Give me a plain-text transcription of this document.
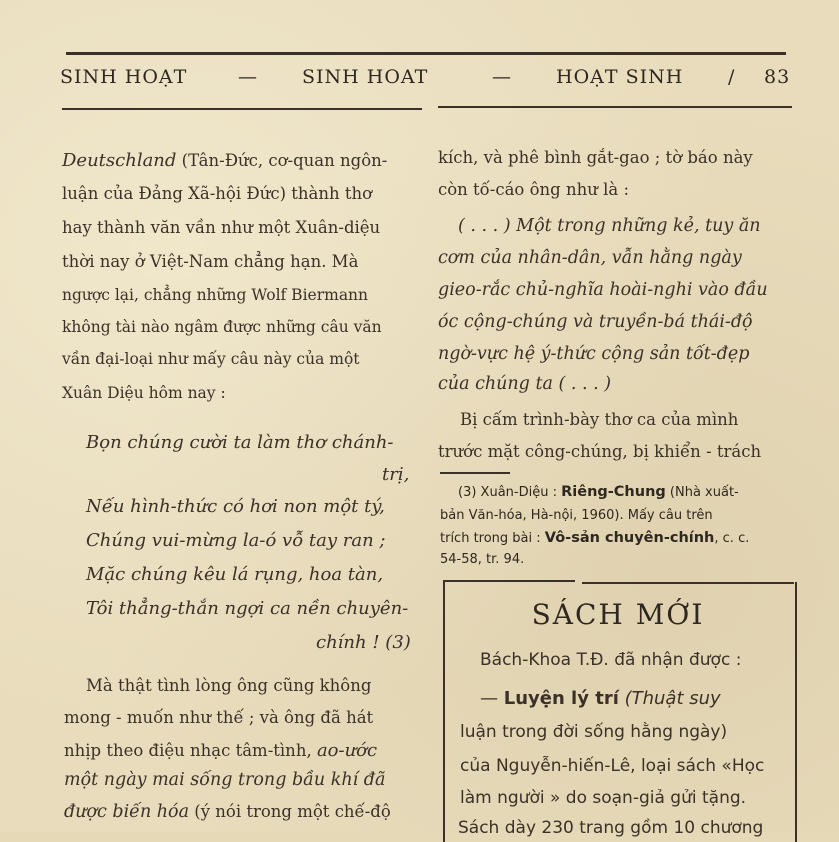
SINH HOẠT	— SINH HOAT	— HOẠT SINH / 83
Deutschland (Tân-Đức, cơ-quan ngôn-
luận của Đảng Xã-hội Đức) thành thơ
hay thành văn vần như một Xuân-diệu
thời nay ở Việt-Nam chẳng hạn. Mà
ngược lại, chẳng những Wolf Biermann
không tài nào ngâm được những câu văn
vần đại-loại như mấy câu này của một
Xuân Diệu hôm nay :
Bọn chúng cười ta làm thơ chánh-
trị,
Nếu hình-thức có hơi non một tý,
Chúng vui-mừng la-ó vỗ tay ran ;
Mặc chúng kêu lá rụng, hoa tàn,
Tôi thẳng-thắn ngợi ca nền chuyên-
chính ! (3)
Mà thật tình lòng ông cũng không
mong - muốn như thế ; và ông đã hát
nhịp theo điệu nhạc tâm-tình, ao-ước
một ngày mai sống trong bầu khí đã
được biến hóa (ý nói trong một chế-độ
kích, và phê bình gắt-gao ; tờ báo này
còn tố-cáo ông như là :
( . . . ) Một trong những kẻ, tuy ăn
cơm của nhân-dân, vẫn hằng ngày
gieo-rắc chủ-nghĩa hoài-nghi vào đầu
óc cộng-chúng và truyền-bá thái-độ
ngờ-vực hệ ý-thức cộng sản tốt-đẹp
của chúng ta ( . . . )
Bị cấm trình-bày thơ ca của mình
trước mặt công-chúng, bị khiển - trách
(3) Xuân-Diệu : Riêng-Chung (Nhà xuất-
bản Văn-hóa, Hà-nội, 1960). Mấy câu trên
trích trong bài : Vô-sản chuyên-chính, c. c.
54-58, tr. 94.
SÁCH MỚI
Bách-Khoa T.Đ. đã nhận được :
— Luyện lý trí (Thuật suy
luận trong đời sống hằng ngày)
của Nguyễn-hiến-Lê, loại sách «Học
làm người » do soạn-giả gửi tặng.
Sách dày 230 trang gồm 10 chương
